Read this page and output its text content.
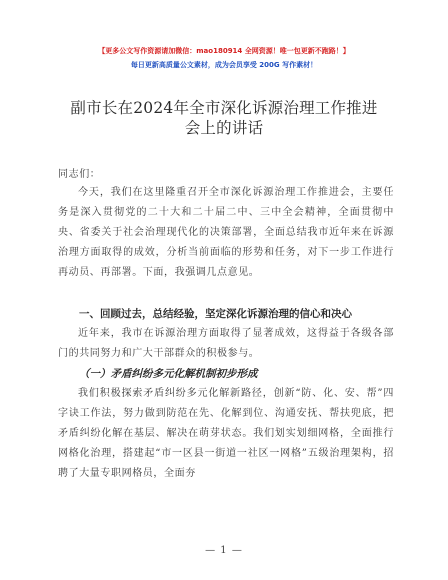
【更多公文写作资源请加微信：mao180914 全网资源！唯一包更新不跑路！】
每日更新高质量公文素材，成为会员享受 200G 写作素材！
副市长在2024年全市深化诉源治理工作推进会上的讲话
同志们：
今天，我们在这里隆重召开全市深化诉源治理工作推进会，主要任务是深入贯彻党的二十大和二十届二中、三中全会精神，全面贯彻中央、省委关于社会治理现代化的决策部署，全面总结我市近年来在诉源治理方面取得的成效，分析当前面临的形势和任务，对下一步工作进行再动员、再部署。下面，我强调几点意见。
一、回顾过去，总结经验，坚定深化诉源治理的信心和决心
近年来，我市在诉源治理方面取得了显著成效，这得益于各级各部门的共同努力和广大干部群众的积极参与。
（一）矛盾纠纷多元化解机制初步形成
我们积极探索矛盾纠纷多元化解新路径，创新“防、化、安、帮”四字诀工作法，努力做到防范在先、化解到位、沟通安抚、帮扶兜底，把矛盾纠纷化解在基层、解决在萌芽状态。我们划实划细网格，全面推行网格化治理，搭建起“市一区县一街道一社区一网格”五级治理架构，招聘了大量专职网格员，全面夯
— 1 —
